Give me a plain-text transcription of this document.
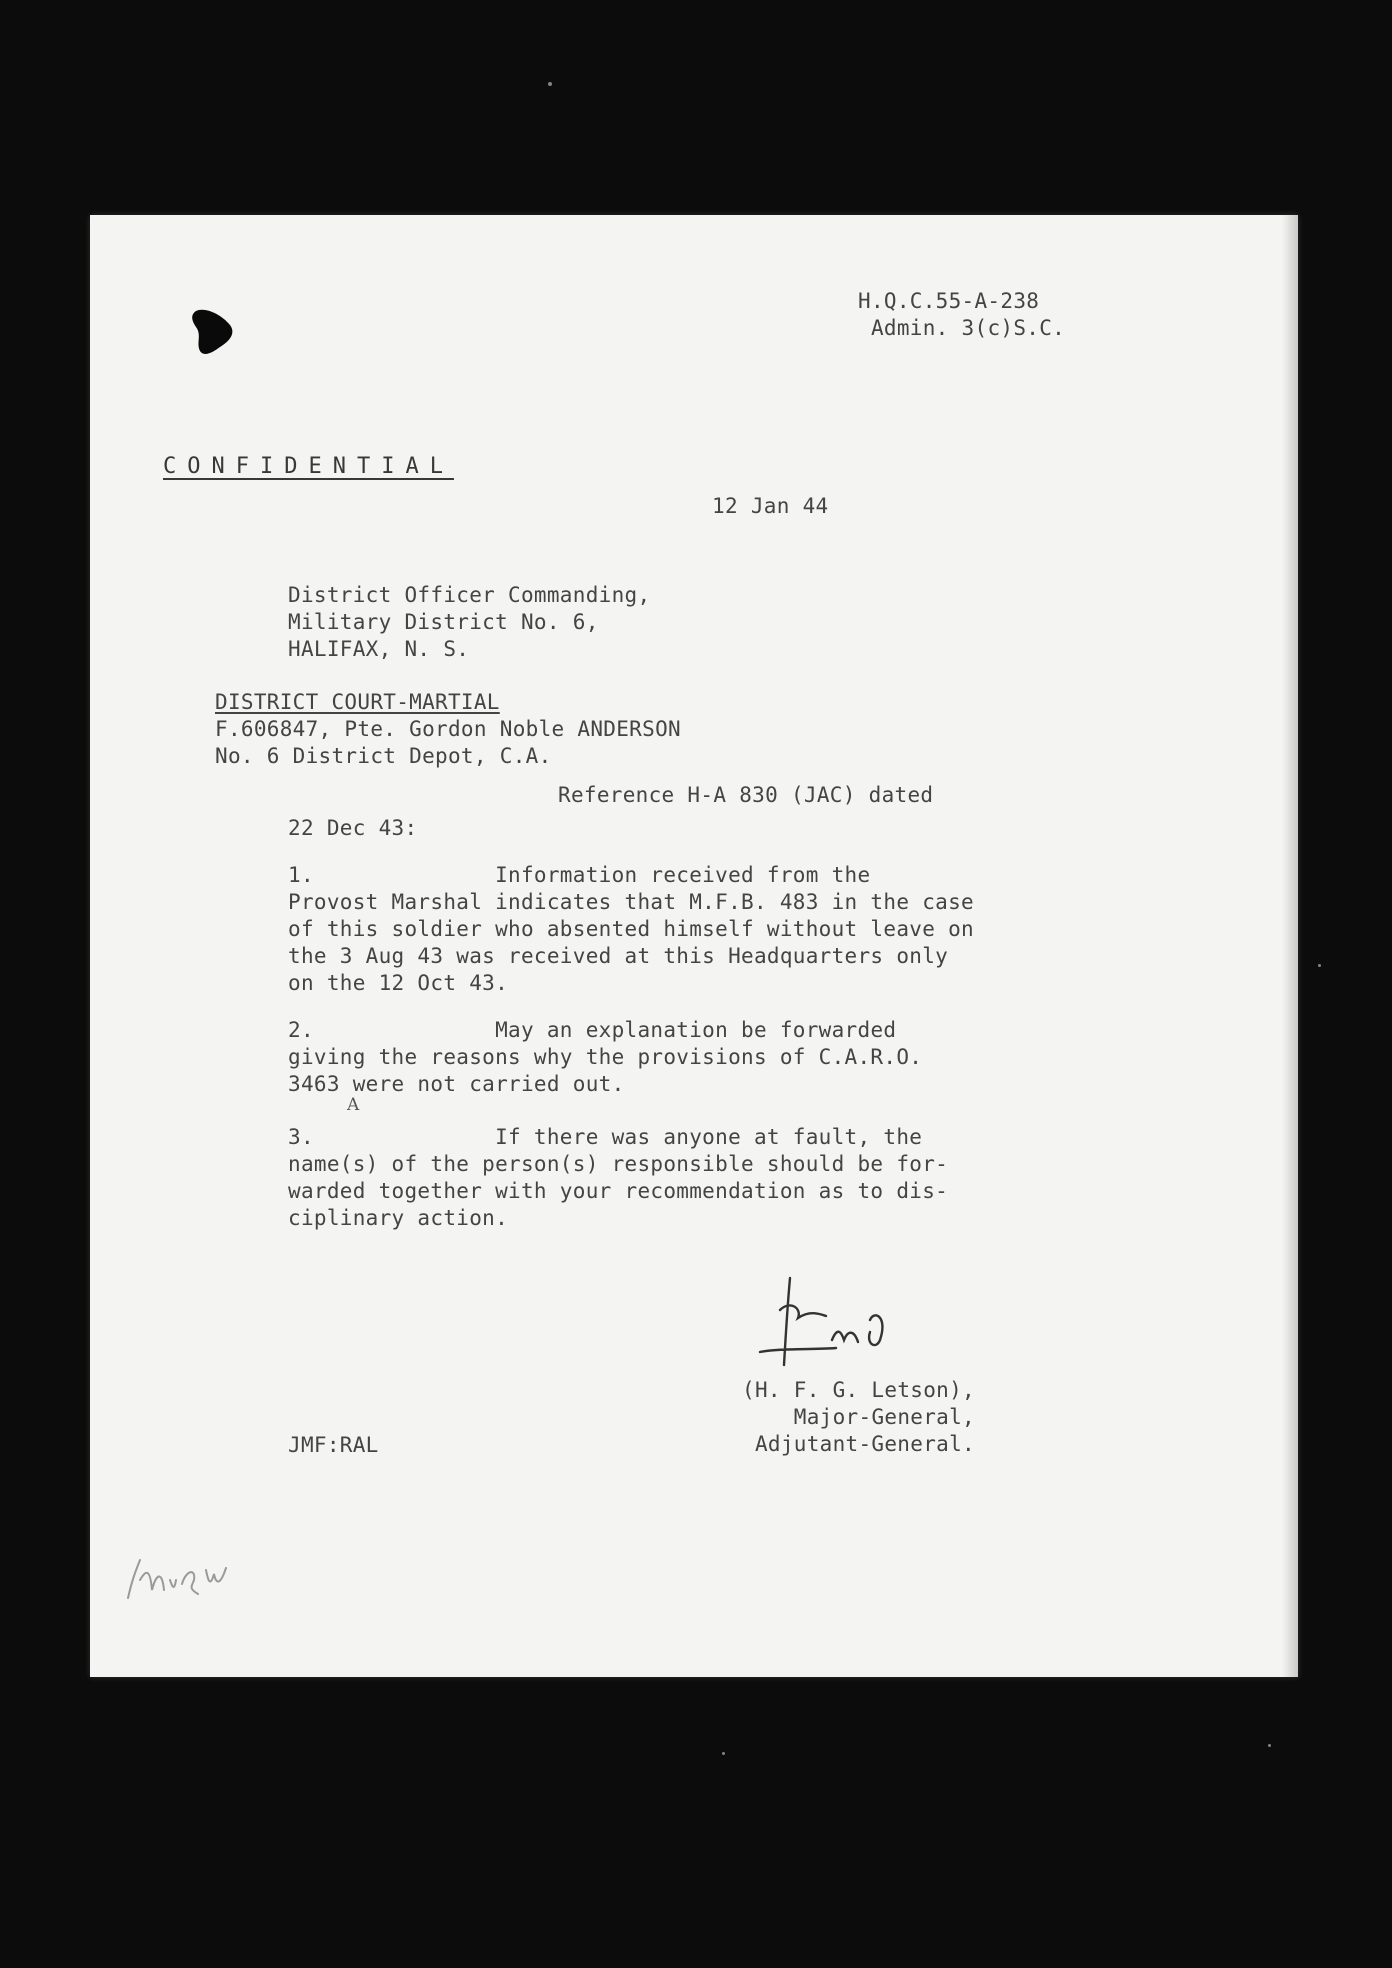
H.Q.C.55-A-238
Admin. 3(c)S.C.
CONFIDENTIAL
12 Jan 44
District Officer Commanding,
Military District No. 6,
HALIFAX, N. S.
DISTRICT COURT-MARTIAL
F.606847, Pte. Gordon Noble ANDERSON
No. 6 District Depot, C.A.
Reference H-A 830 (JAC) dated
22 Dec 43:
1.	Information received from the
Provost Marshal indicates that M.F.B. 483 in the case
of this soldier who absented himself without leave on
the 3 Aug 43 was received at this Headquarters only
on the 12 Oct 43.
2.	May an explanation be forwarded
giving the reasons why the provisions of C.A.R.O.
3463 were not carried out.
A
3.	If there was anyone at fault, the
name(s) of the person(s) responsible should be for-
warded together with your recommendation as to dis-
ciplinary action.
(H. F. G. Letson),
Major-General,
Adjutant-General.
JMF:RAL
